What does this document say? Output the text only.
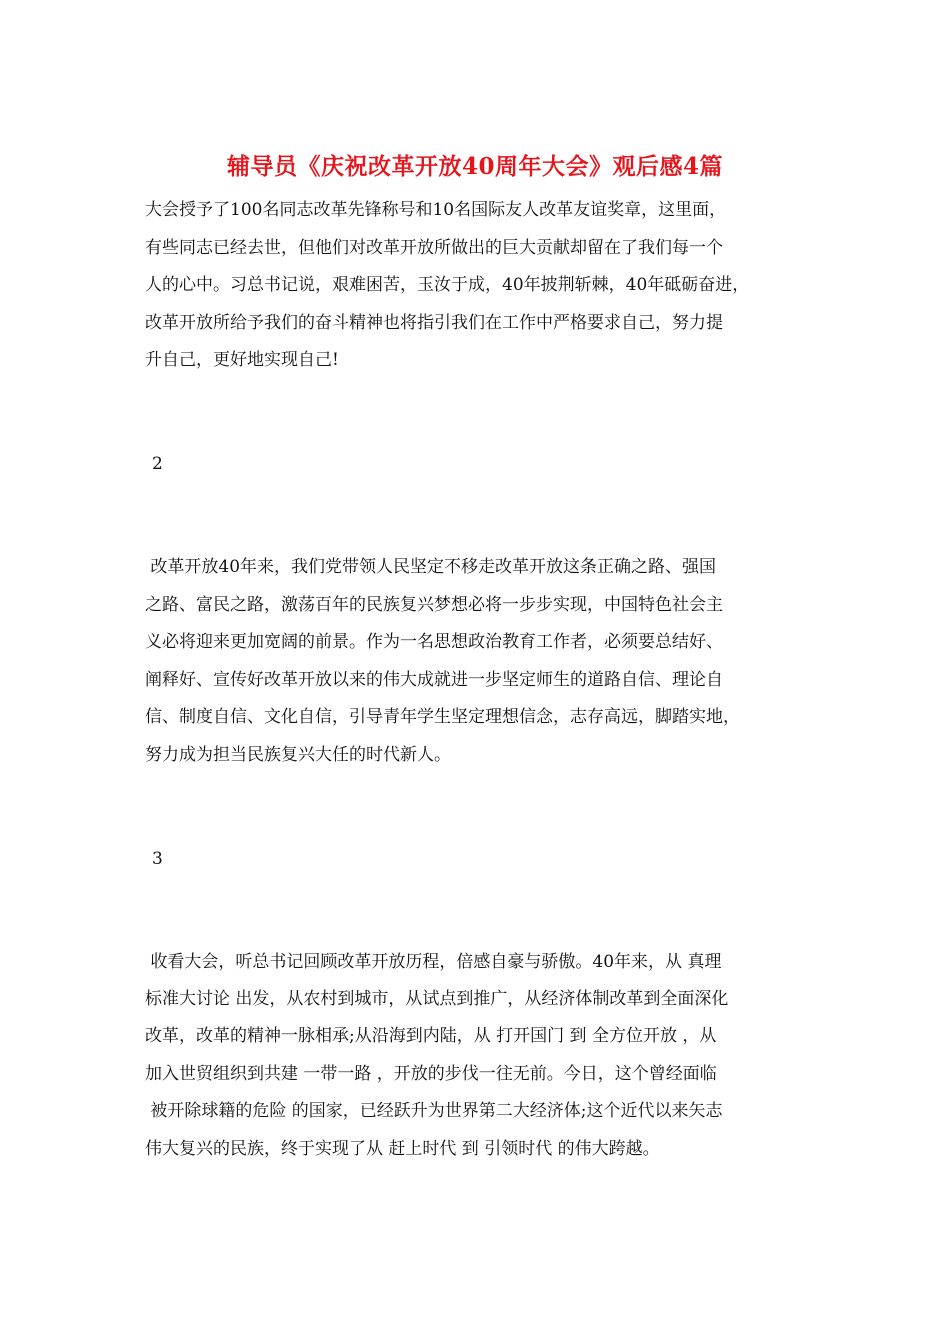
辅导员《庆祝改革开放40周年大会》观后感4篇

大会授予了100名同志改革先锋称号和10名国际友人改革友谊奖章，这里面，

有些同志已经去世，但他们对改革开放所做出的巨大贡献却留在了我们每一个

人的心中。习总书记说，艰难困苦，玉汝于成，40年披荆斩棘，40年砥砺奋进，

改革开放所给予我们的奋斗精神也将指引我们在工作中严格要求自己，努力提

升自己，更好地实现自己!

2

改革开放40年来，我们党带领人民坚定不移走改革开放这条正确之路、强国

之路、富民之路，激荡百年的民族复兴梦想必将一步步实现，中国特色社会主

义必将迎来更加宽阔的前景。作为一名思想政治教育工作者，必须要总结好、

阐释好、宣传好改革开放以来的伟大成就进一步坚定师生的道路自信、理论自

信、制度自信、文化自信，引导青年学生坚定理想信念，志存高远，脚踏实地，

努力成为担当民族复兴大任的时代新人。

3

收看大会，听总书记回顾改革开放历程，倍感自豪与骄傲。40年来，从 真理

标准大讨论 出发，从农村到城市，从试点到推广，从经济体制改革到全面深化

改革，改革的精神一脉相承;从沿海到内陆，从 打开国门 到 全方位开放 ，从

加入世贸组织到共建 一带一路 ，开放的步伐一往无前。今日，这个曾经面临

被开除球籍的危险 的国家，已经跃升为世界第二大经济体;这个近代以来矢志

伟大复兴的民族，终于实现了从 赶上时代 到 引领时代 的伟大跨越。
